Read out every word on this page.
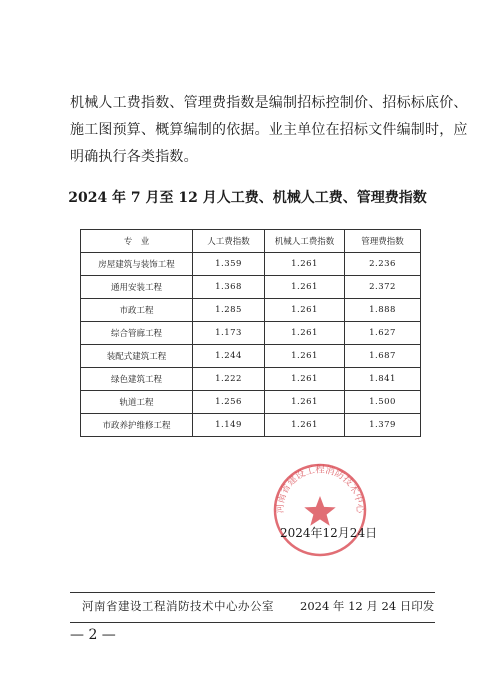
机械人工费指数、管理费指数是编制招标控制价、招标标底价、

施工图预算、概算编制的依据。业主单位在招标文件编制时，应

明确执行各类指数。

2024 年 7 月至 12 月人工费、机械人工费、管理费指数
专　业	人工费指数	机械人工费指数	管理费指数
房屋建筑与装饰工程	1.359	1.261	2.236
通用安装工程	1.368	1.261	2.372
市政工程	1.285	1.261	1.888
综合管廊工程	1.173	1.261	1.627
装配式建筑工程	1.244	1.261	1.687
绿色建筑工程	1.222	1.261	1.841
轨道工程	1.256	1.261	1.500
市政养护维修工程	1.149	1.261	1.379
河南省建设工程消防技术中心
2024年12月24日
河南省建设工程消防技术中心办公室 2024 年 12 月 24 日印发
— 2 —
